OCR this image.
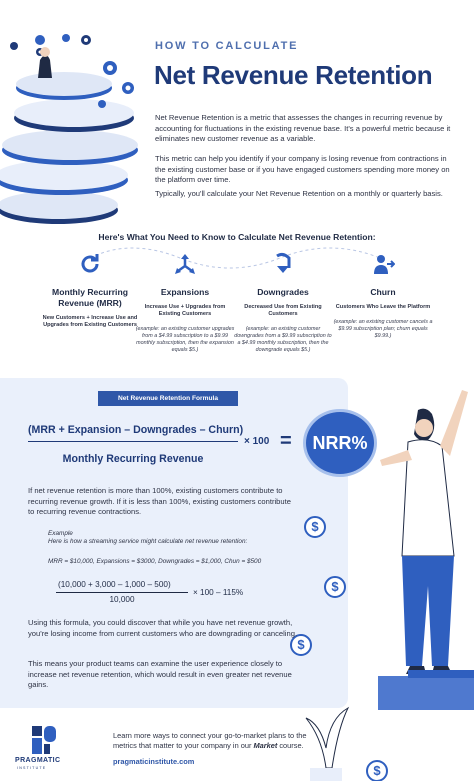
HOW TO CALCULATE
Net Revenue Retention
Net Revenue Retention is a metric that assesses the changes in recurring revenue by accounting for fluctuations in the existing revenue base. It's a powerful metric because it eliminates new customer revenue as a variable.
This metric can help you identify if your company is losing revenue from contractions in the existing customer base or if you have engaged customers spending more money on the platform over time.
Typically, you'll calculate your Net Revenue Retention on a monthly or quarterly basis.
Here's What You Need to Know to Calculate Net Revenue Retention:
Monthly Recurring Revenue (MRR)
New Customers + Increase Use and Upgrades from Existing Customers
Expansions
Increase Use + Upgrades from Existing Customers
(example: an existing customer upgrades from a $4.99 subscription to a $9.99 monthly subscription, then the expansion equals $5.)
Downgrades
Decreased Use from Existing Customers
(example: an existing customer downgrades from a $9.99 subscription to a $4.99 monthly subscription, then the downgrade equals $5.)
Churn
Customers Who Leave the Platform
(example: an existing customer cancels a $9.99 subscription plan; churn equals $9.99.)
Net Revenue Retention Formula
(MRR + Expansion – Downgrades – Churn)
Monthly Recurring Revenue
× 100 =	NRR%
$
$
$
$
If net revenue retention is more than 100%, existing customers contribute to recurring revenue growth. If it is less than 100%, existing customers contribute to recurring revenue contractions.
Example
Here is how a streaming service might calculate net revenue retention:
MRR = $10,000, Expansions = $3000, Downgrades = $1,000, Chun = $500
(10,000 + 3,000 – 1,000 – 500)
10,000
× 100 – 115%
Using this formula, you could discover that while you have net revenue growth, you're losing income from current customers who are downgrading or canceling.
This means your product teams can examine the user experience closely to increase net revenue retention, which would result in even greater net revenue gains.
PRAGMATIC
INSTITUTE
Learn more ways to connect your go-to-market plans to the metrics that matter to your company in our Market course.
pragmaticinstitute.com
